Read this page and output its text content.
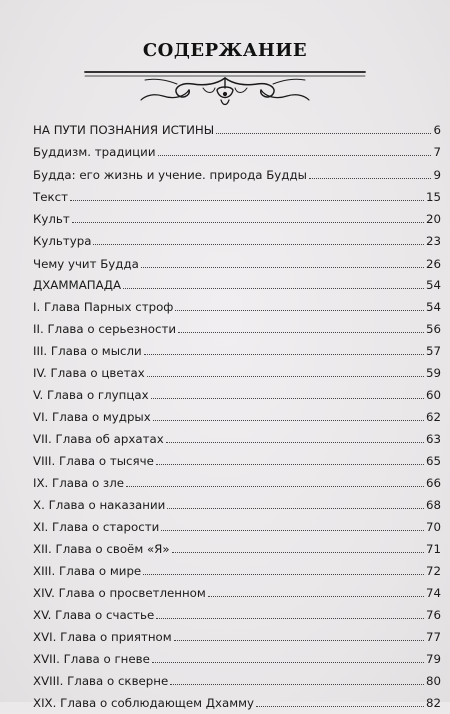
СОДЕРЖАНИЕ
НА ПУТИ ПОЗНАНИЯ ИСТИНЫ	6
Буддизм. традиции	7
Будда: его жизнь и учение. природа Будды	9
Текст	15
Культ	20
Культура	23
Чему учит Будда	26
ДХАММАПАДА	54
I. Глава Парных строф	54
II. Глава о серьезности	56
III. Глава о мысли	57
IV. Глава о цветах	59
V. Глава о глупцах	60
VI. Глава о мудрых	62
VII. Глава об архатах	63
VIII. Глава о тысяче	65
IX. Глава о зле	66
X. Глава о наказании	68
XI. Глава о старости	70
XII. Глава о своём «Я»	71
XIII. Глава о мире	72
XIV. Глава о просветленном	74
XV. Глава о счастье	76
XVI. Глава о приятном	77
XVII. Глава о гневе	79
XVIII. Глава о скверне	80
XIX. Глава о соблюдающем Дхамму	82
